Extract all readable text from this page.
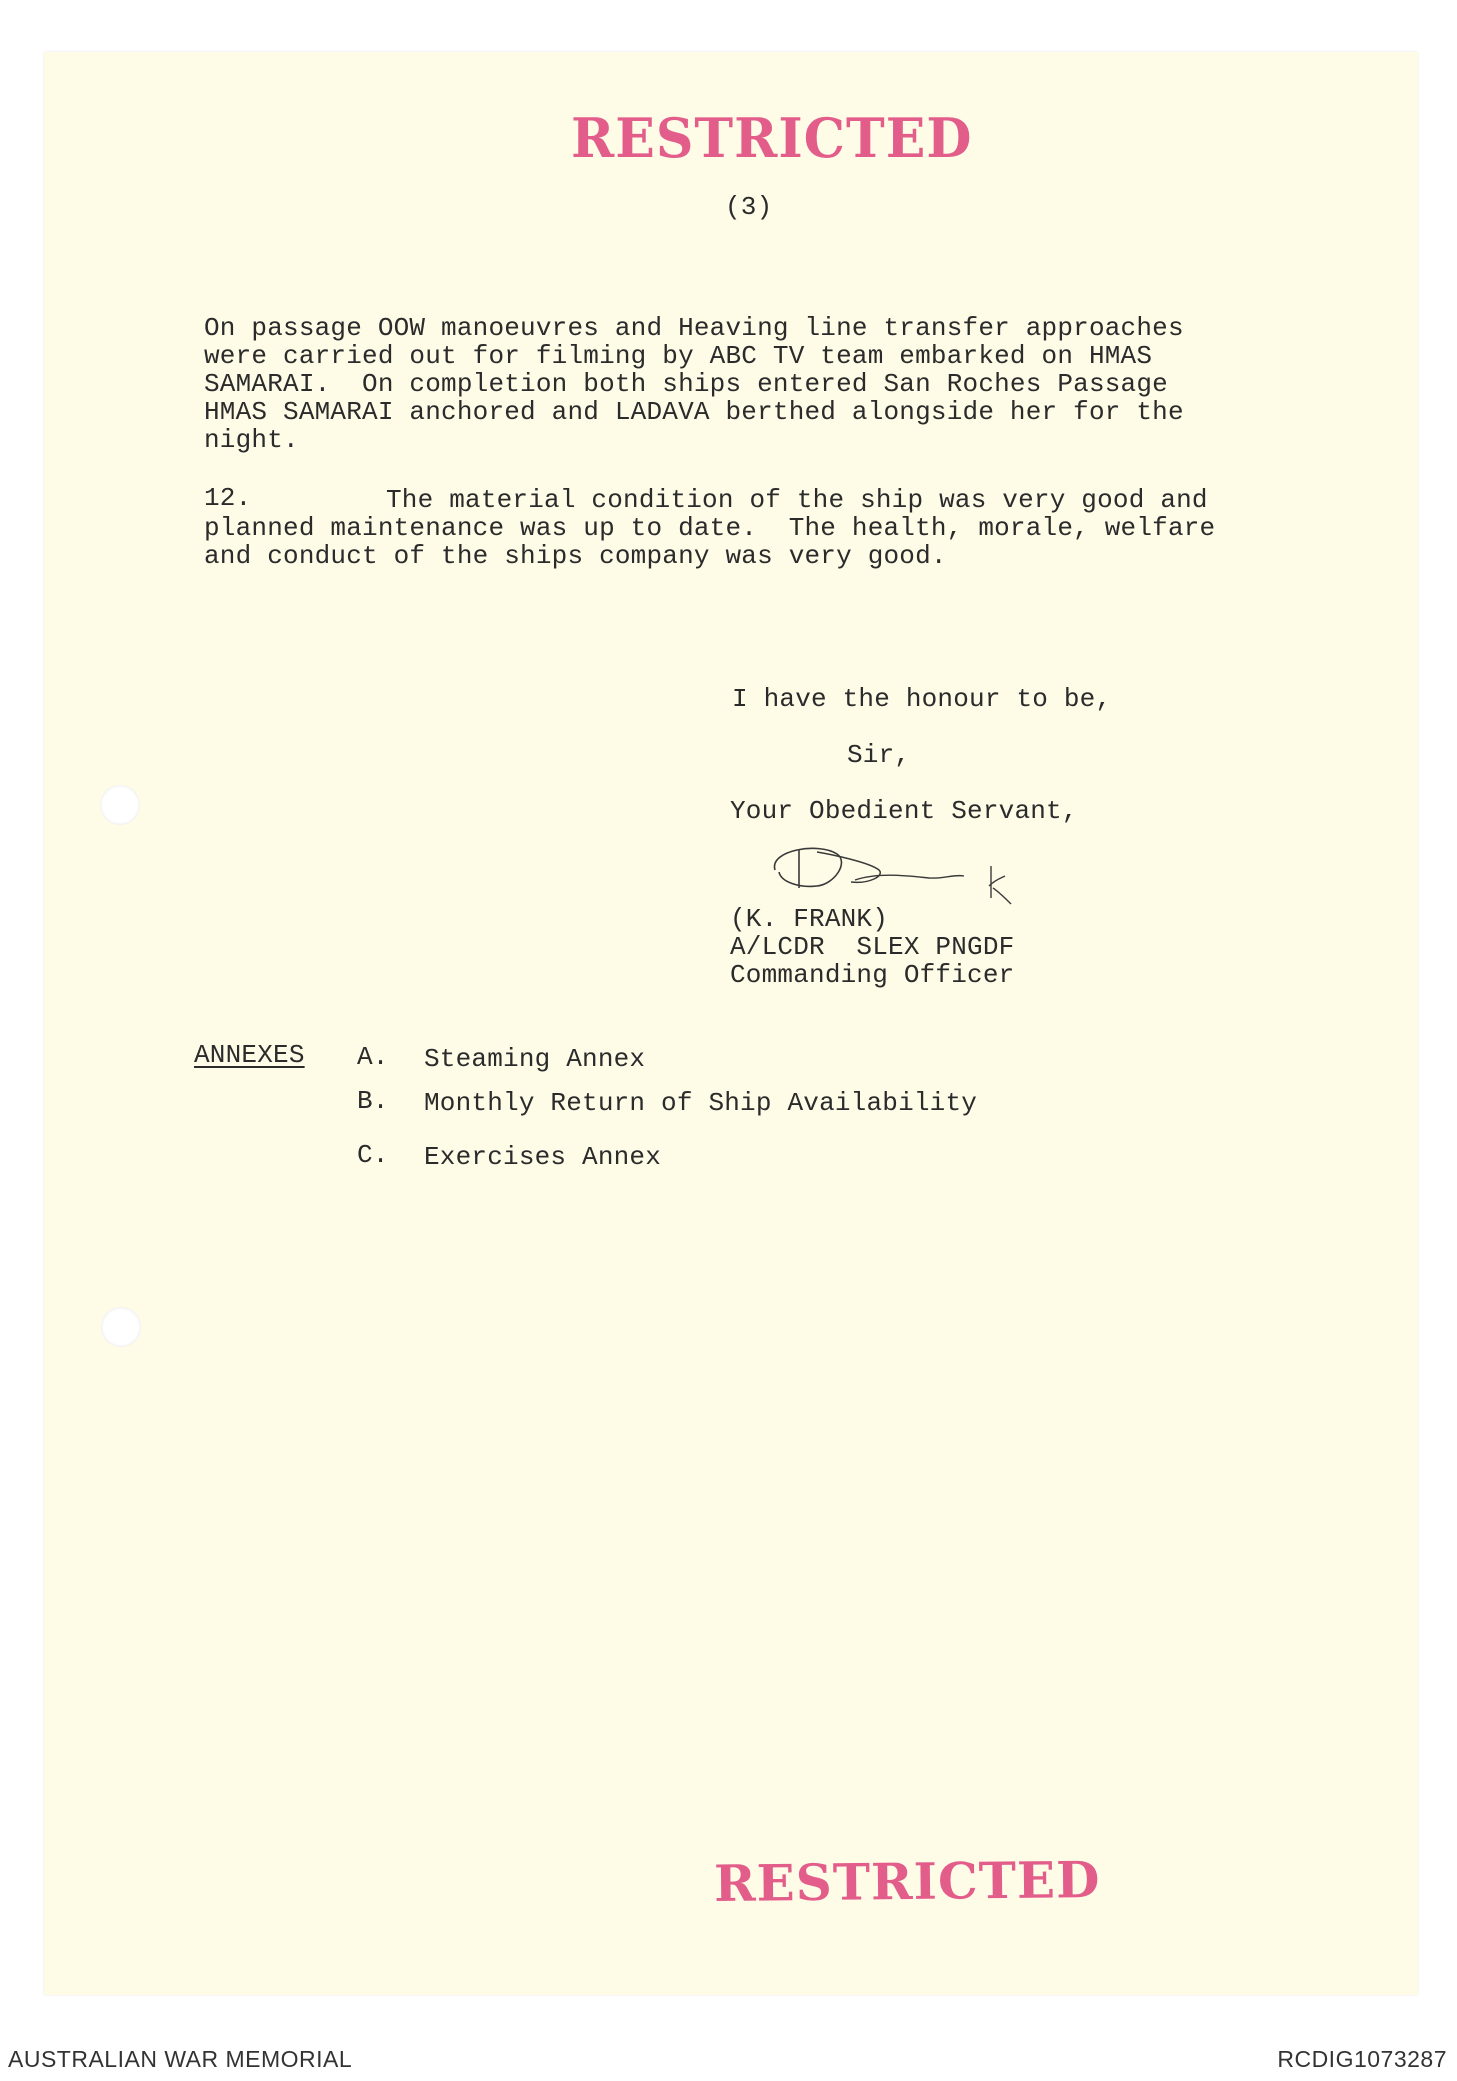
RESTRICTED
(3)
On passage OOW manoeuvres and Heaving line transfer approaches
were carried out for filming by ABC TV team embarked on HMAS
SAMARAI.  On completion both ships entered San Roches Passage
HMAS SAMARAI anchored and LADAVA berthed alongside her for the
night.
12.	The material condition of the ship was very good and
planned maintenance was up to date.  The health, morale, welfare
and conduct of the ships company was very good.
I have the honour to be,
Sir,
Your Obedient Servant,
(K. FRANK)
A/LCDR  SLEX PNGDF
Commanding Officer
ANNEXES A. Steaming Annex
B. Monthly Return of Ship Availability
C. Exercises Annex
RESTRICTED
AUSTRALIAN WAR MEMORIAL	RCDIG1073287
